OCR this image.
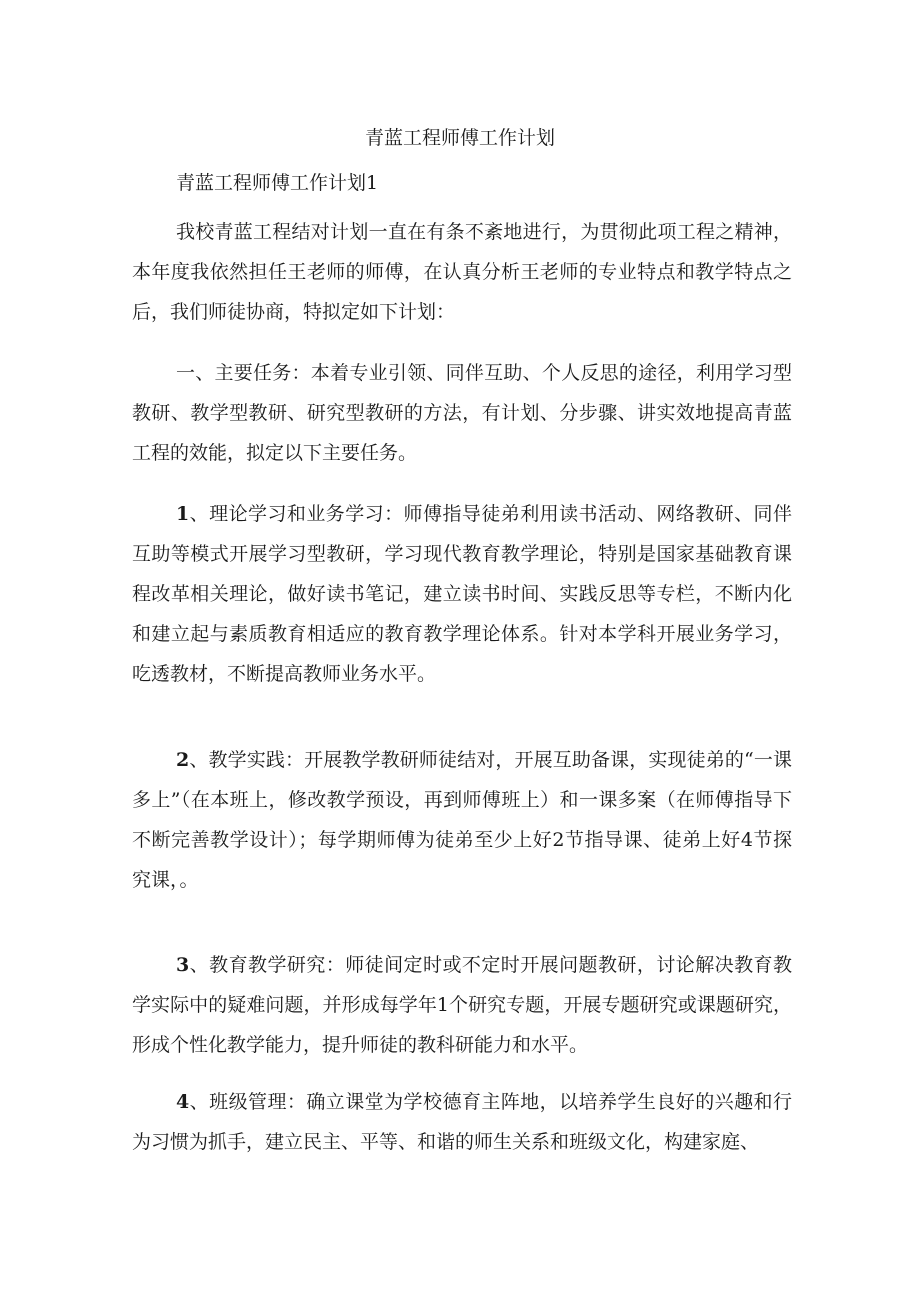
青蓝工程师傅工作计划
青蓝工程师傅工作计划1

我校青蓝工程结对计划一直在有条不紊地进行，为贯彻此项工程之精神，本年度我依然担任王老师的师傅，在认真分析王老师的专业特点和教学特点之后，我们师徒协商，特拟定如下计划：

一、主要任务：本着专业引领、同伴互助、个人反思的途径，利用学习型教研、教学型教研、研究型教研的方法，有计划、分步骤、讲实效地提高青蓝工程的效能，拟定以下主要任务。

1、理论学习和业务学习：师傅指导徒弟利用读书活动、网络教研、同伴互助等模式开展学习型教研，学习现代教育教学理论，特别是国家基础教育课程改革相关理论，做好读书笔记，建立读书时间、实践反思等专栏，不断内化和建立起与素质教育相适应的教育教学理论体系。针对本学科开展业务学习，吃透教材，不断提高教师业务水平。

2、教学实践：开展教学教研师徒结对，开展互助备课，实现徒弟的“一课多上”（在本班上，修改教学预设，再到师傅班上）和一课多案（在师傅指导下不断完善教学设计）；每学期师傅为徒弟至少上好2节指导课、徒弟上好4节探究课，。

3、教育教学研究：师徒间定时或不定时开展问题教研，讨论解决教育教学实际中的疑难问题，并形成每学年1个研究专题，开展专题研究或课题研究，形成个性化教学能力，提升师徒的教科研能力和水平。

4、班级管理：确立课堂为学校德育主阵地，以培养学生良好的兴趣和行为习惯为抓手，建立民主、平等、和谐的师生关系和班级文化，构建家庭、
